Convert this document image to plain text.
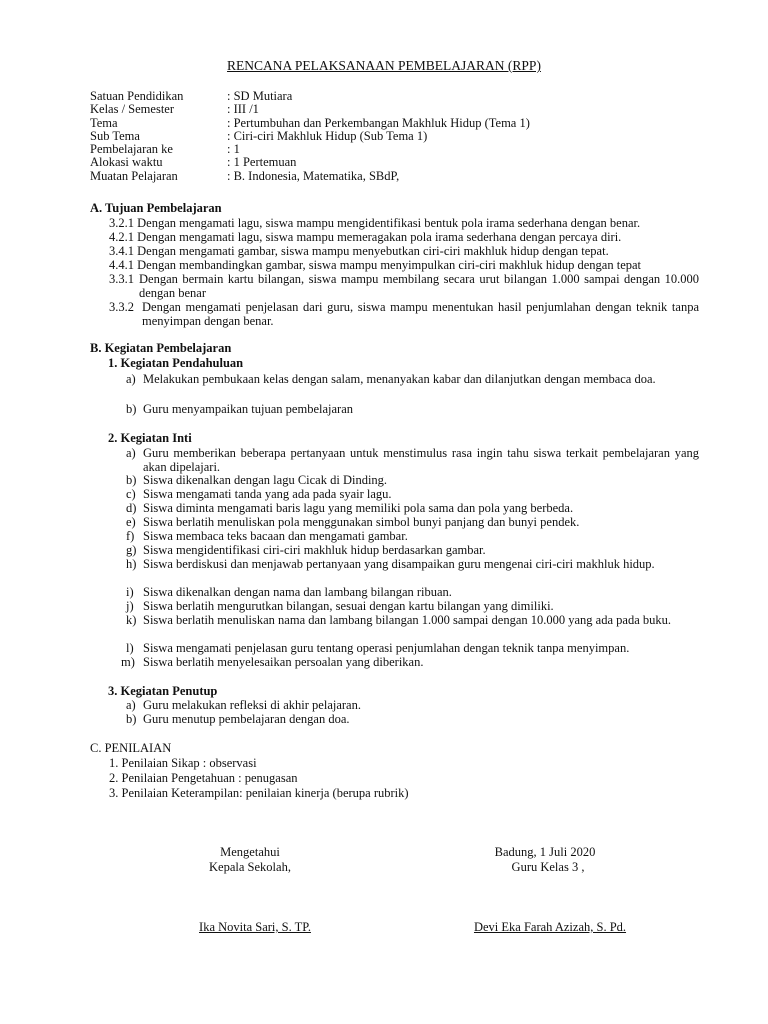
RENCANA PELAKSANAAN PEMBELAJARAN (RPP)
Satuan Pendidikan	: SD Mutiara
Kelas / Semester	: III /1
Tema	: Pertumbuhan dan Perkembangan Makhluk Hidup (Tema 1)
Sub Tema	: Ciri-ciri Makhluk Hidup (Sub Tema 1)
Pembelajaran ke	: 1
Alokasi waktu	: 1 Pertemuan
Muatan Pelajaran	: B. Indonesia, Matematika, SBdP,
A. Tujuan Pembelajaran
3.2.1 Dengan mengamati lagu, siswa mampu mengidentifikasi bentuk pola irama sederhana dengan benar.
4.2.1 Dengan mengamati lagu, siswa mampu memeragakan pola irama sederhana dengan percaya diri.
3.4.1 Dengan mengamati gambar, siswa mampu menyebutkan ciri-ciri makhluk hidup dengan tepat.
4.4.1 Dengan membandingkan gambar, siswa mampu menyimpulkan ciri-ciri makhluk hidup dengan tepat
3.3.1 Dengan bermain kartu bilangan, siswa mampu membilang secara urut bilangan 1.000 sampai dengan 10.000 dengan benar
3.3.2 Dengan mengamati penjelasan dari guru, siswa mampu menentukan hasil penjumlahan dengan teknik tanpa menyimpan dengan benar.
B. Kegiatan Pembelajaran
1. Kegiatan Pendahuluan
a) Melakukan pembukaan kelas dengan salam, menanyakan kabar dan dilanjutkan dengan membaca doa.
b) Guru menyampaikan tujuan pembelajaran
2. Kegiatan Inti
a) Guru memberikan beberapa pertanyaan untuk menstimulus rasa ingin tahu siswa terkait pembelajaran yang akan dipelajari.
b) Siswa dikenalkan dengan lagu Cicak di Dinding.
c) Siswa mengamati tanda yang ada pada syair lagu.
d) Siswa diminta mengamati baris lagu yang memiliki pola sama dan pola yang berbeda.
e) Siswa berlatih menuliskan pola menggunakan simbol bunyi panjang dan bunyi pendek.
f) Siswa membaca teks bacaan dan mengamati gambar.
g) Siswa mengidentifikasi ciri-ciri makhluk hidup berdasarkan gambar.
h) Siswa berdiskusi dan menjawab pertanyaan yang disampaikan guru mengenai ciri-ciri makhluk hidup.
i) Siswa dikenalkan dengan nama dan lambang bilangan ribuan.
j) Siswa berlatih mengurutkan bilangan, sesuai dengan kartu bilangan yang dimiliki.
k) Siswa berlatih menuliskan nama dan lambang bilangan 1.000 sampai dengan 10.000 yang ada pada buku.
l) Siswa mengamati penjelasan guru tentang operasi penjumlahan dengan teknik tanpa menyimpan.
m) Siswa berlatih menyelesaikan persoalan yang diberikan.
3. Kegiatan Penutup
a) Guru melakukan refleksi di akhir pelajaran.
b) Guru menutup pembelajaran dengan doa.
C. PENILAIAN
1. Penilaian Sikap : observasi
2. Penilaian Pengetahuan : penugasan
3. Penilaian Keterampilan: penilaian kinerja (berupa rubrik)
Mengetahui
Kepala Sekolah,
Ika Novita Sari, S. TP.
Badung, 1 Juli 2020
Guru Kelas 3 ,
Devi Eka Farah Azizah, S. Pd.
